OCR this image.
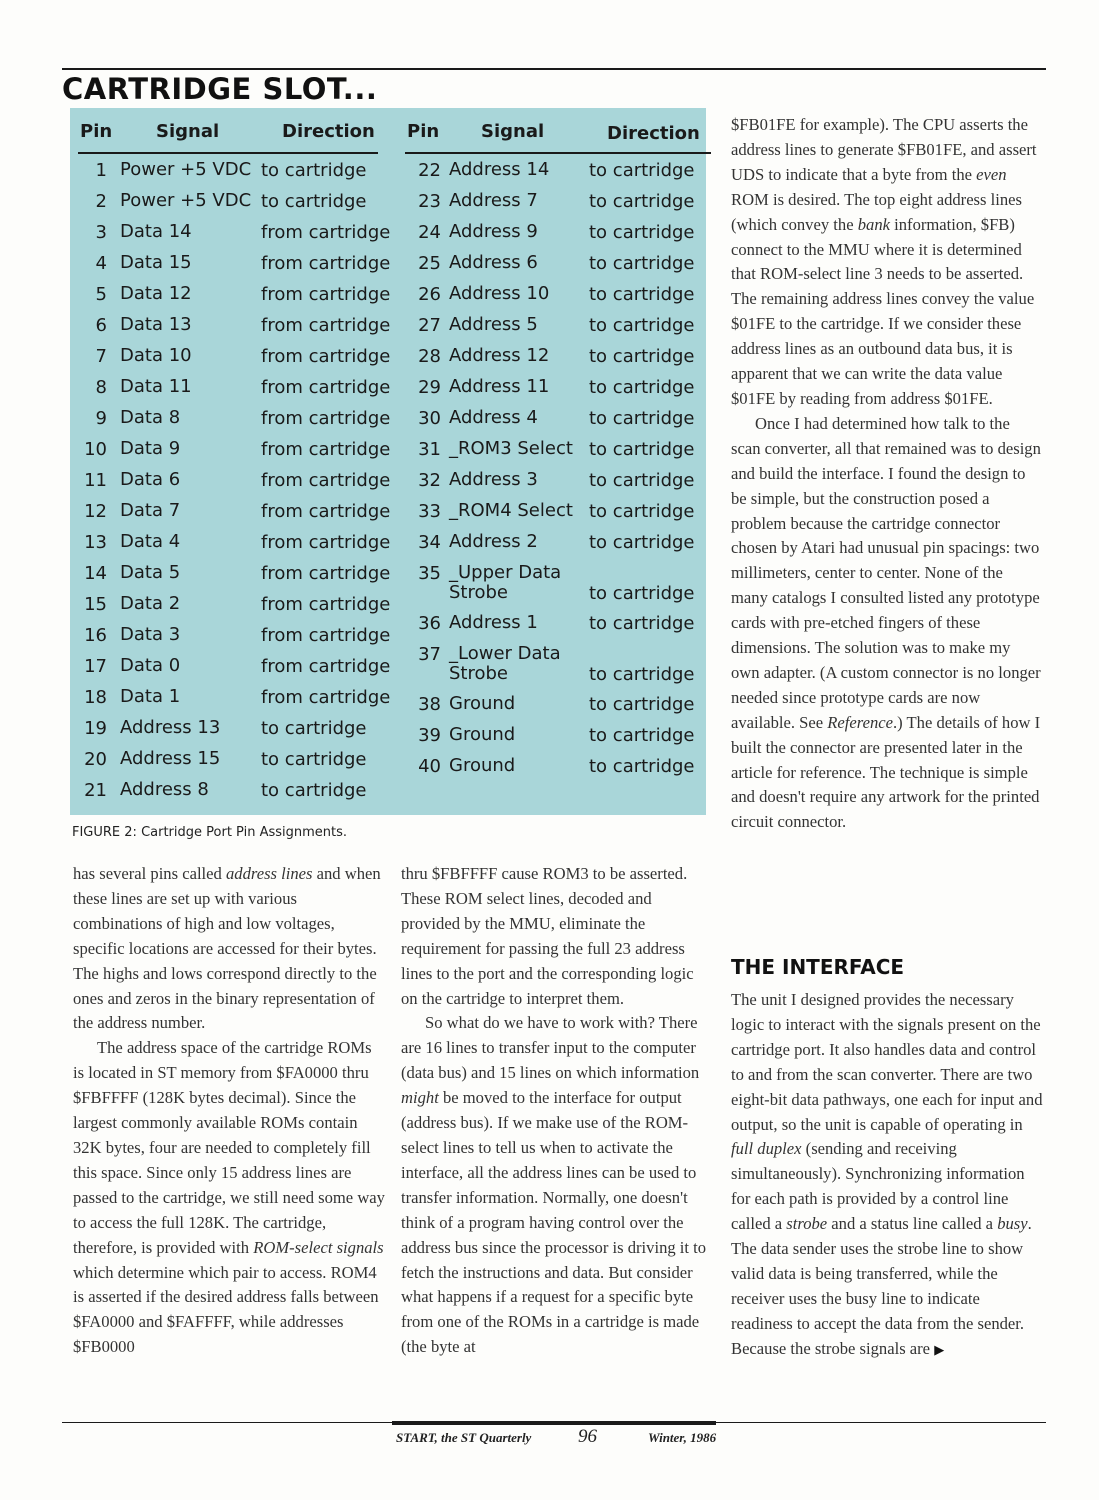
CARTRIDGE SLOT...
Pin Signal	Direction
1 Power +5 VDC to cartridge
2 Power +5 VDC to cartridge
3 Data 14	from cartridge
4 Data 15	from cartridge
5 Data 12	from cartridge
6 Data 13	from cartridge
7 Data 10	from cartridge
8 Data 11	from cartridge
9 Data 8	from cartridge
10 Data 9	from cartridge
11 Data 6	from cartridge
12 Data 7	from cartridge
13 Data 4	from cartridge
14 Data 5	from cartridge
15 Data 2	from cartridge
16 Data 3	from cartridge
17 Data 0	from cartridge
18 Data 1	from cartridge
19 Address 13	to cartridge
20 Address 15	to cartridge
21 Address 8	to cartridge
Pin Signal	Direction
22 Address 14	to cartridge
23 Address 7	to cartridge
24 Address 9	to cartridge
25 Address 6	to cartridge
26 Address 10	to cartridge
27 Address 5	to cartridge
28 Address 12	to cartridge
29 Address 11	to cartridge
30 Address 4	to cartridge
31 _ROM3 Select to cartridge
32 Address 3	to cartridge
33 _ROM4 Select to cartridge
34 Address 2	to cartridge
35 _Upper Data Strobe	to cartridge
36 Address 1	to cartridge
37 _Lower Data Strobe	to cartridge
38 Ground	to cartridge
39 Ground	to cartridge
40 Ground	to cartridge
FIGURE 2: Cartridge Port Pin Assignments.

has several pins called address lines and when these lines are set up with various combinations of high and low voltages, specific locations are accessed for their bytes. The highs and lows correspond directly to the ones and zeros in the binary representation of the address number.

The address space of the cartridge ROMs is located in ST memory from $FA0000 thru $FBFFFF (128K bytes decimal). Since the largest commonly available ROMs contain 32K bytes, four are needed to completely fill this space. Since only 15 address lines are passed to the cartridge, we still need some way to access the full 128K. The cartridge, therefore, is provided with ROM-select signals which determine which pair to access. ROM4 is asserted if the desired address falls between $FA0000 and $FAFFFF, while addresses $FB0000

thru $FBFFFF cause ROM3 to be asserted. These ROM select lines, decoded and provided by the MMU, eliminate the requirement for passing the full 23 address lines to the port and the corresponding logic on the cartridge to interpret them.

So what do we have to work with? There are 16 lines to transfer input to the computer (data bus) and 15 lines on which information might be moved to the interface for output (address bus). If we make use of the ROM-select lines to tell us when to activate the interface, all the address lines can be used to transfer information. Normally, one doesn't think of a program having control over the address bus since the processor is driving it to fetch the instructions and data. But consider what happens if a request for a specific byte from one of the ROMs in a cartridge is made (the byte at

$FB01FE for example). The CPU asserts the address lines to generate $FB01FE, and assert UDS to indicate that a byte from the even ROM is desired. The top eight address lines (which convey the bank information, $FB) connect to the MMU where it is determined that ROM-select line 3 needs to be asserted. The remaining address lines convey the value $01FE to the cartridge. If we consider these address lines as an outbound data bus, it is apparent that we can write the data value $01FE by reading from address $01FE.

Once I had determined how talk to the scan converter, all that remained was to design and build the interface. I found the design to be simple, but the construction posed a problem because the cartridge connector chosen by Atari had unusual pin spacings: two millimeters, center to center. None of the many catalogs I consulted listed any prototype cards with pre-etched fingers of these dimensions. The solution was to make my own adapter. (A custom connector is no longer needed since prototype cards are now available. See Reference.) The details of how I built the connector are presented later in the article for reference. The technique is simple and doesn't require any artwork for the printed circuit connector.

THE INTERFACE

The unit I designed provides the necessary logic to interact with the signals present on the cartridge port. It also handles data and control to and from the scan converter. There are two eight-bit data pathways, one each for input and output, so the unit is capable of operating in full duplex (sending and receiving simultaneously). Synchronizing information for each path is provided by a control line called a strobe and a status line called a busy. The data sender uses the strobe line to show valid data is being transferred, while the receiver uses the busy line to indicate readiness to accept the data from the sender. Because the strobe signals are ▶

START, the ST Quarterly 96	Winter, 1986
